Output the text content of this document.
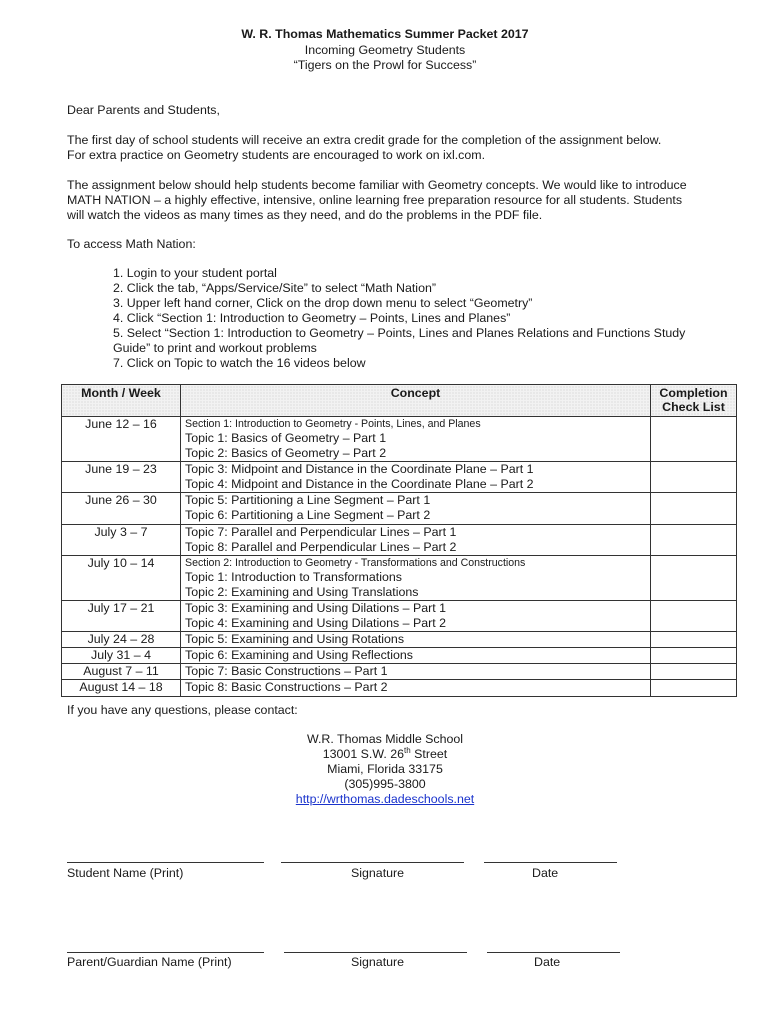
W. R. Thomas Mathematics Summer Packet 2017
Incoming Geometry Students
“Tigers on the Prowl for Success”
Dear Parents and Students,
The first day of school students will receive an extra credit grade for the completion of the assignment below.
For extra practice on Geometry students are encouraged to work on ixl.com.
The assignment below should help students become familiar with Geometry concepts. We would like to introduce
MATH NATION – a highly effective, intensive, online learning free preparation resource for all students. Students
will watch the videos as many times as they need, and do the problems in the PDF file.
To access Math Nation:
1. Login to your student portal
2. Click the tab, “Apps/Service/Site” to select “Math Nation”
3. Upper left hand corner, Click on the drop down menu to select “Geometry”
4. Click “Section 1: Introduction to Geometry – Points, Lines and Planes”
5. Select “Section 1: Introduction to Geometry – Points, Lines and Planes Relations and Functions Study
Guide” to print and workout problems
7. Click on Topic to watch the 16 videos below
Month / Week	Concept	Completion
Check List
June 12 – 16	Section 1: Introduction to Geometry - Points, Lines, and Planes
Topic 1: Basics of Geometry – Part 1
Topic 2: Basics of Geometry – Part 2	

June 19 – 23	Topic 3: Midpoint and Distance in the Coordinate Plane – Part 1
Topic 4: Midpoint and Distance in the Coordinate Plane – Part 2	

June 26 – 30	Topic 5: Partitioning a Line Segment – Part 1
Topic 6: Partitioning a Line Segment – Part 2	

July 3 – 7	Topic 7: Parallel and Perpendicular Lines – Part 1
Topic 8: Parallel and Perpendicular Lines – Part 2	

July 10 – 14	Section 2: Introduction to Geometry - Transformations and Constructions
Topic 1: Introduction to Transformations
Topic 2: Examining and Using Translations	

July 17 – 21	Topic 3: Examining and Using Dilations – Part 1
Topic 4: Examining and Using Dilations – Part 2	

July 24 – 28	Topic 5: Examining and Using Rotations	

July 31 – 4	Topic 6: Examining and Using Reflections	

August 7 – 11	Topic 7: Basic Constructions – Part 1	

August 14 – 18	Topic 8: Basic Constructions – Part 2	

If you have any questions, please contact:
W.R. Thomas Middle School
13001 S.W. 26th Street
Miami, Florida 33175
(305)995-3800
http://wrthomas.dadeschools.net
Student Name (Print)	Signature	Date
Parent/Guardian Name (Print)	Signature	Date
